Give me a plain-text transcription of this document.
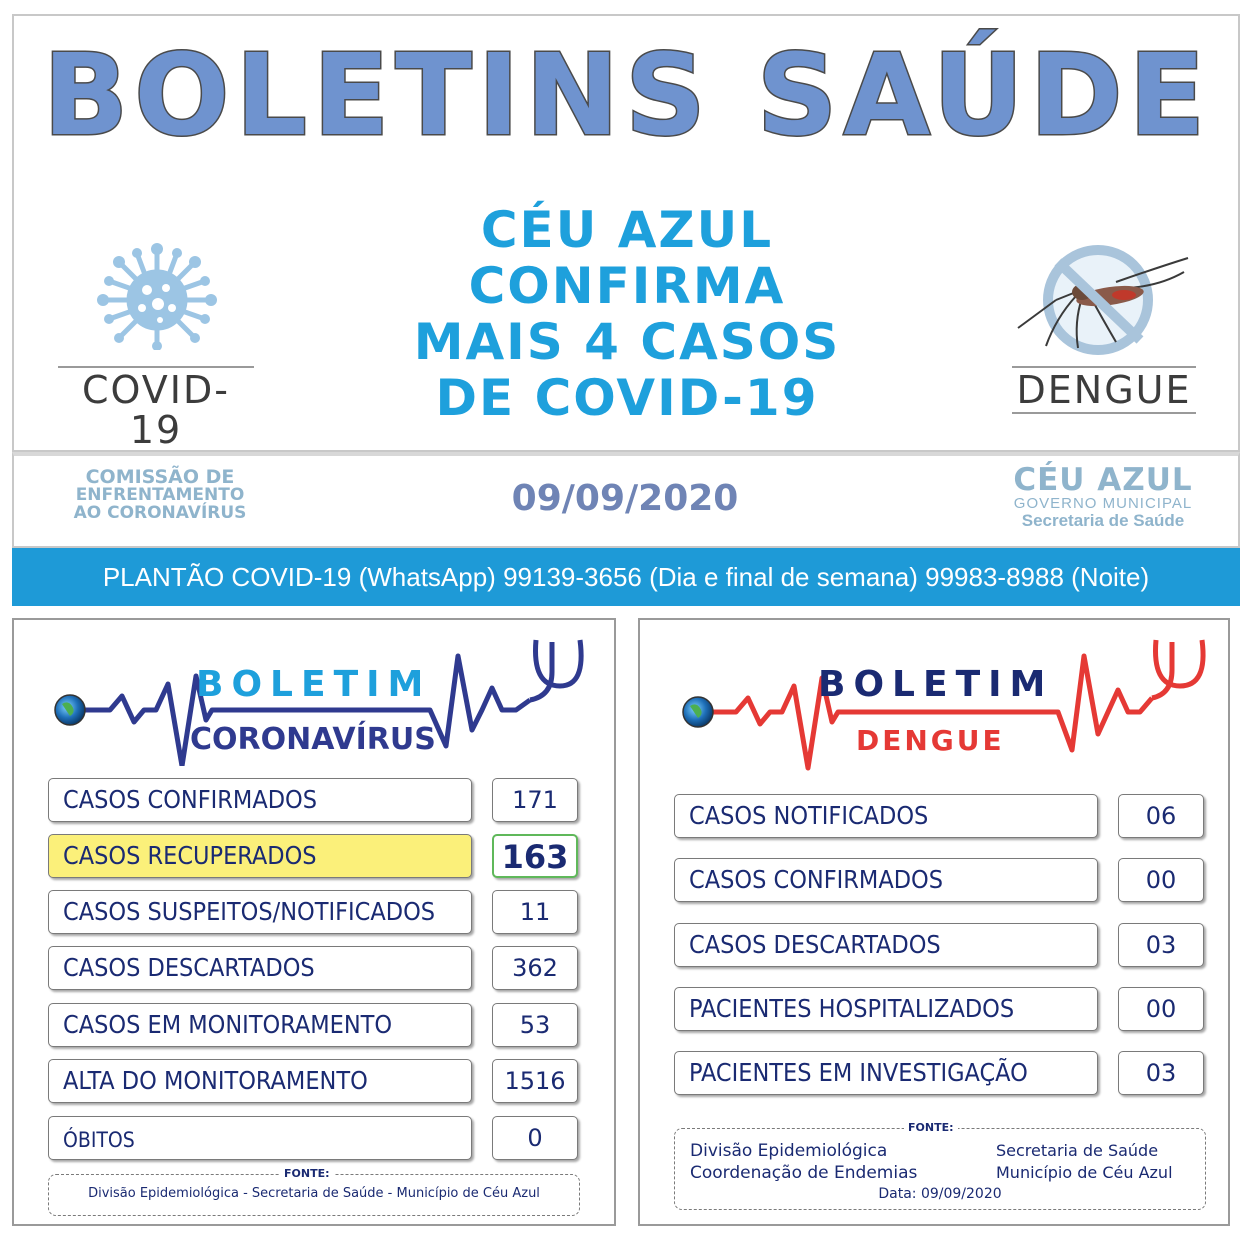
BOLETINS SAÚDE
COVID-19
CÉU AZUL
CONFIRMA
MAIS 4 CASOS
DE COVID-19	DENGUE
COMISSÃO DE
ENFRENTAMENTO
AO CORONAVÍRUS	09/09/2020	CÉU AZUL
GOVERNO MUNICIPAL
Secretaria de Saúde
PLANTÃO COVID-19 (WhatsApp) 99139-3656 (Dia e final de semana) 99983-8988 (Noite)
BOLETIM
CORONAVÍRUS
CASOS CONFIRMADOS	171
CASOS RECUPERADOS	163
CASOS SUSPEITOS/NOTIFICADOS	11
CASOS DESCARTADOS	362
CASOS EM MONITORAMENTO	53
ALTA DO MONITORAMENTO	1516
ÓBITOS	0
FONTE:
Divisão Epidemiológica - Secretaria de Saúde - Município de Céu Azul
BOLETIM
DENGUE
CASOS NOTIFICADOS	06
CASOS CONFIRMADOS	00
CASOS DESCARTADOS	03
PACIENTES HOSPITALIZADOS	00
PACIENTES EM INVESTIGAÇÃO	03
FONTE:
Divisão Epidemiológica
Coordenação de Endemias
Secretaria de Saúde
Município de Céu Azul
Data: 09/09/2020
